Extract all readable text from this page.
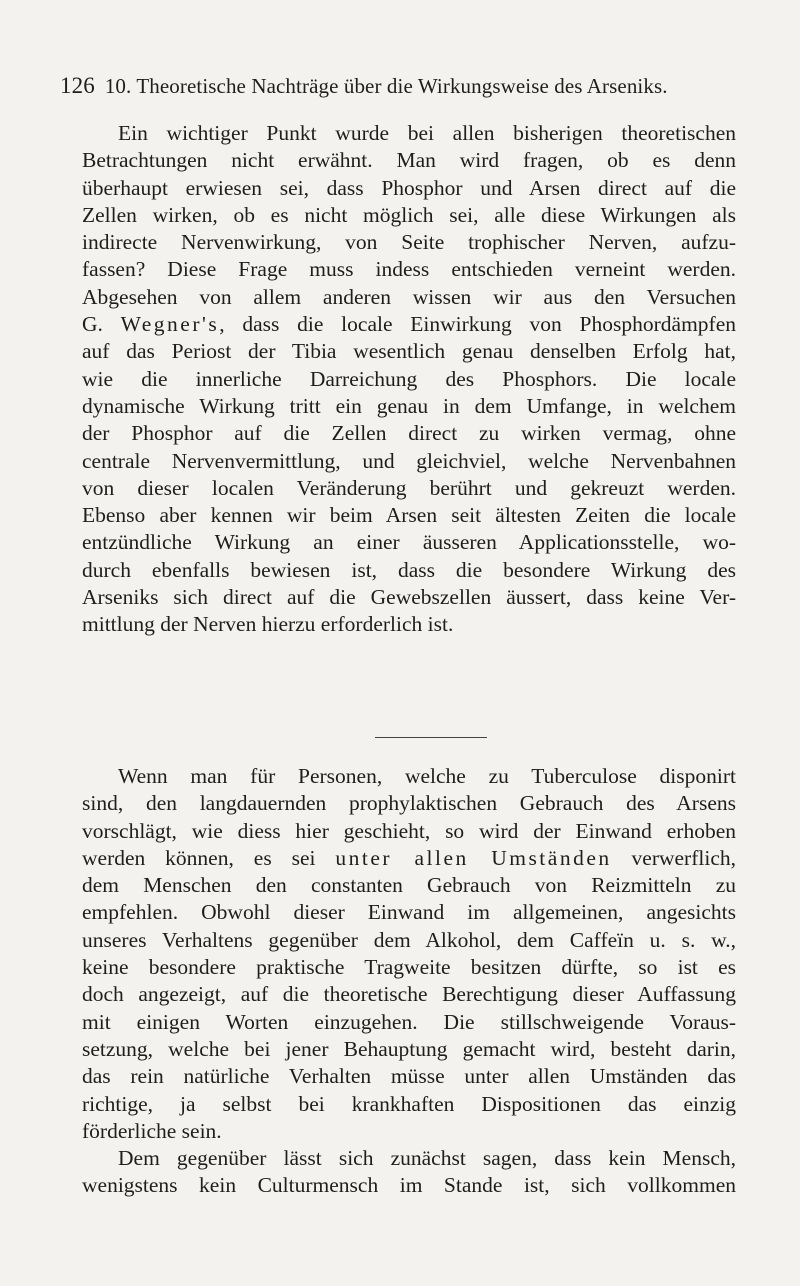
126 10. Theoretische Nachträge über die Wirkungsweise des Arseniks.
Ein wichtiger Punkt wurde bei allen bisherigen theoretischen
Betrachtungen nicht erwähnt. Man wird fragen, ob es denn
überhaupt erwiesen sei, dass Phosphor und Arsen direct auf die
Zellen wirken, ob es nicht möglich sei, alle diese Wirkungen als
indirecte Nervenwirkung, von Seite trophischer Nerven, aufzu-
fassen? Diese Frage muss indess entschieden verneint werden.
Abgesehen von allem anderen wissen wir aus den Versuchen
G. Wegner's, dass die locale Einwirkung von Phosphordämpfen
auf das Periost der Tibia wesentlich genau denselben Erfolg hat,
wie die innerliche Darreichung des Phosphors. Die locale
dynamische Wirkung tritt ein genau in dem Umfange, in welchem
der Phosphor auf die Zellen direct zu wirken vermag, ohne
centrale Nervenvermittlung, und gleichviel, welche Nervenbahnen
von dieser localen Veränderung berührt und gekreuzt werden.
Ebenso aber kennen wir beim Arsen seit ältesten Zeiten die locale
entzündliche Wirkung an einer äusseren Applicationsstelle, wo-
durch ebenfalls bewiesen ist, dass die besondere Wirkung des
Arseniks sich direct auf die Gewebszellen äussert, dass keine Ver-
mittlung der Nerven hierzu erforderlich ist.
Wenn man für Personen, welche zu Tuberculose disponirt
sind, den langdauernden prophylaktischen Gebrauch des Arsens
vorschlägt, wie diess hier geschieht, so wird der Einwand erhoben
werden können, es sei unter allen Umständen verwerflich,
dem Menschen den constanten Gebrauch von Reizmitteln zu
empfehlen. Obwohl dieser Einwand im allgemeinen, angesichts
unseres Verhaltens gegenüber dem Alkohol, dem Caffeïn u. s. w.,
keine besondere praktische Tragweite besitzen dürfte, so ist es
doch angezeigt, auf die theoretische Berechtigung dieser Auffassung
mit einigen Worten einzugehen. Die stillschweigende Voraus-
setzung, welche bei jener Behauptung gemacht wird, besteht darin,
das rein natürliche Verhalten müsse unter allen Umständen das
richtige, ja selbst bei krankhaften Dispositionen das einzig
förderliche sein.
Dem gegenüber lässt sich zunächst sagen, dass kein Mensch,
wenigstens kein Culturmensch im Stande ist, sich vollkommen
